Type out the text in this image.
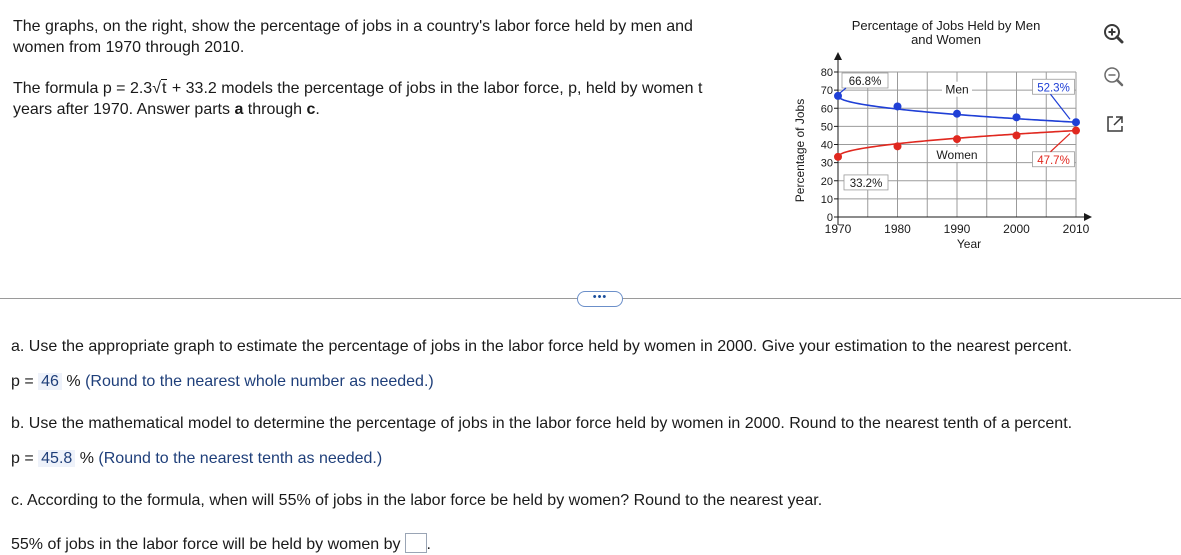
The graphs, on the right, show the percentage of jobs in a country's labor force held by men and women from 1970 through 2010.

The formula p = 2.3√t + 33.2 models the percentage of jobs in the labor force, p, held by women t years after 1970. Answer parts a through c.

Percentage of Jobs Held by Men
and Women
0
10
20
30
40
50
60
70
80
1970	1980	1990	2000	2010
Year
Percentage of Jobs
66.8%
33.2%
52.3%
47.7%
Men
Women
•••
a. Use the appropriate graph to estimate the percentage of jobs in the labor force held by women in 2000. Give your estimation to the nearest percent.
p = 46 % (Round to the nearest whole number as needed.)
b. Use the mathematical model to determine the percentage of jobs in the labor force held by women in 2000. Round to the nearest tenth of a percent.
p = 45.8 % (Round to the nearest tenth as needed.)
c. According to the formula, when will 55% of jobs in the labor force be held by women? Round to the nearest year.
55% of jobs in the labor force will be held by women by .
